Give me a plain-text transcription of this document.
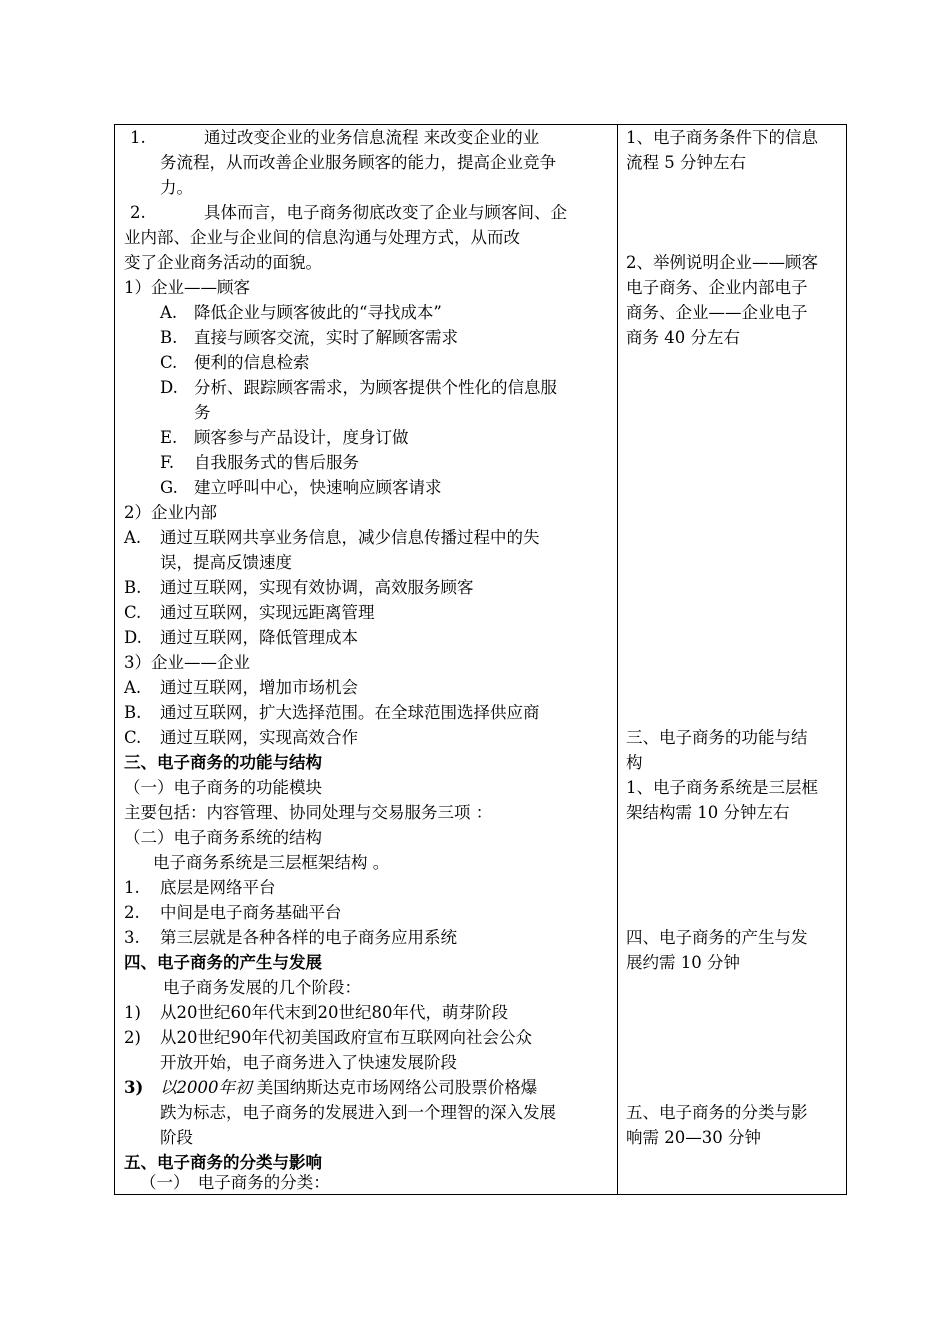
1.	通过改变企业的业务信息流程 来改变企业的业
务流程，从而改善企业服务顾客的能力，提高企业竞争
力。
2.	具体而言，电子商务彻底改变了企业与顾客间、企
业内部、企业与企业间的信息沟通与处理方式，从而改
变了企业商务活动的面貌。
1）企业——顾客
A. 降低企业与顾客彼此的“寻找成本”
B. 直接与顾客交流，实时了解顾客需求
C. 便利的信息检索
D. 分析、跟踪顾客需求，为顾客提供个性化的信息服
务
E. 顾客参与产品设计，度身订做
F. 自我服务式的售后服务
G. 建立呼叫中心，快速响应顾客请求
2）企业内部
A. 通过互联网共享业务信息，减少信息传播过程中的失
误，提高反馈速度
B. 通过互联网，实现有效协调，高效服务顾客
C. 通过互联网，实现远距离管理
D. 通过互联网，降低管理成本
3）企业——企业
A. 通过互联网，增加市场机会
B. 通过互联网，扩大选择范围。在全球范围选择供应商
C. 通过互联网，实现高效合作
三、电子商务的功能与结构
（一）电子商务的功能模块
主要包括：内容管理、协同处理与交易服务三项 ：
（二）电子商务系统的结构
电子商务系统是三层框架结构 。
1. 底层是网络平台
2. 中间是电子商务基础平台
3. 第三层就是各种各样的电子商务应用系统
四、电子商务的产生与发展
电子商务发展的几个阶段：
1) 从20世纪60年代末到20世纪80年代，萌芽阶段
2) 从20世纪90年代初美国政府宣布互联网向社会公众
开放开始，电子商务进入了快速发展阶段
3) 以2000年初 美国纳斯达克市场网络公司股票价格爆
跌为标志，电子商务的发展进入到一个理智的深入发展
阶段
五、电子商务的分类与影响
（一）　电子商务的分类：
1、电子商务条件下的信息
流程 5 分钟左右
2、举例说明企业——顾客
电子商务、企业内部电子
商务、企业——企业电子
商务 40 分左右
三、电子商务的功能与结
构
1、电子商务系统是三层框
架结构需 10 分钟左右
四、电子商务的产生与发
展约需 10 分钟
五、电子商务的分类与影
响需 20—30 分钟
